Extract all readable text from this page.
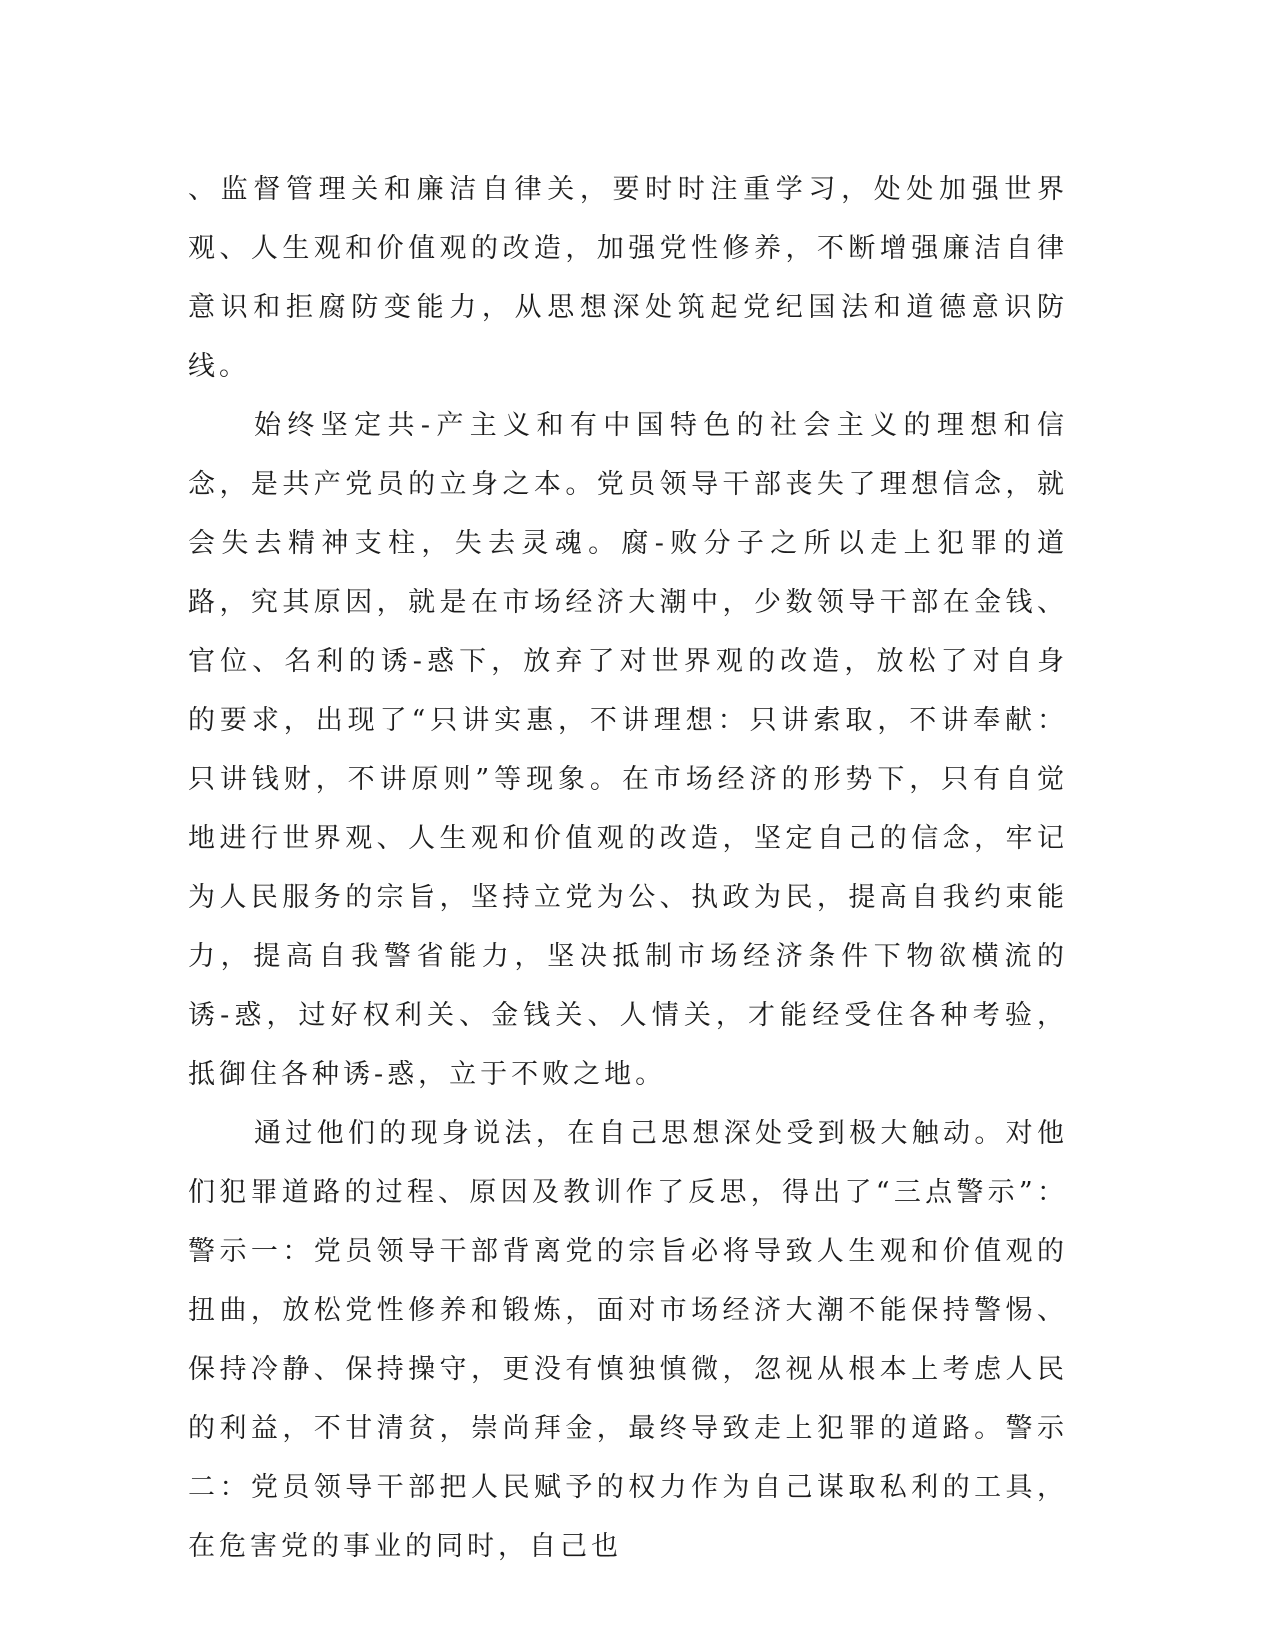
、监督管理关和廉洁自律关，要时时注重学习，处处加强世界观、人生观和价值观的改造，加强党性修养，不断增强廉洁自律意识和拒腐防变能力，从思想深处筑起党纪国法和道德意识防线。

始终坚定共-产主义和有中国特色的社会主义的理想和信念，是共产党员的立身之本。党员领导干部丧失了理想信念，就会失去精神支柱，失去灵魂。腐-败分子之所以走上犯罪的道路，究其原因，就是在市场经济大潮中，少数领导干部在金钱、官位、名利的诱-惑下，放弃了对世界观的改造，放松了对自身的要求，出现了“只讲实惠，不讲理想：只讲索取，不讲奉献：只讲钱财，不讲原则”等现象。在市场经济的形势下，只有自觉地进行世界观、人生观和价值观的改造，坚定自己的信念，牢记为人民服务的宗旨，坚持立党为公、执政为民，提高自我约束能力，提高自我警省能力，坚决抵制市场经济条件下物欲横流的诱-惑，过好权利关、金钱关、人情关，才能经受住各种考验，抵御住各种诱-惑，立于不败之地。

通过他们的现身说法，在自己思想深处受到极大触动。对他们犯罪道路的过程、原因及教训作了反思，得出了“三点警示”：警示一：党员领导干部背离党的宗旨必将导致人生观和价值观的扭曲，放松党性修养和锻炼，面对市场经济大潮不能保持警惕、保持冷静、保持操守，更没有慎独慎微，忽视从根本上考虑人民的利益，不甘清贫，崇尚拜金，最终导致走上犯罪的道路。警示二：党员领导干部把人民赋予的权力作为自己谋取私利的工具，在危害党的事业的同时，自己也
